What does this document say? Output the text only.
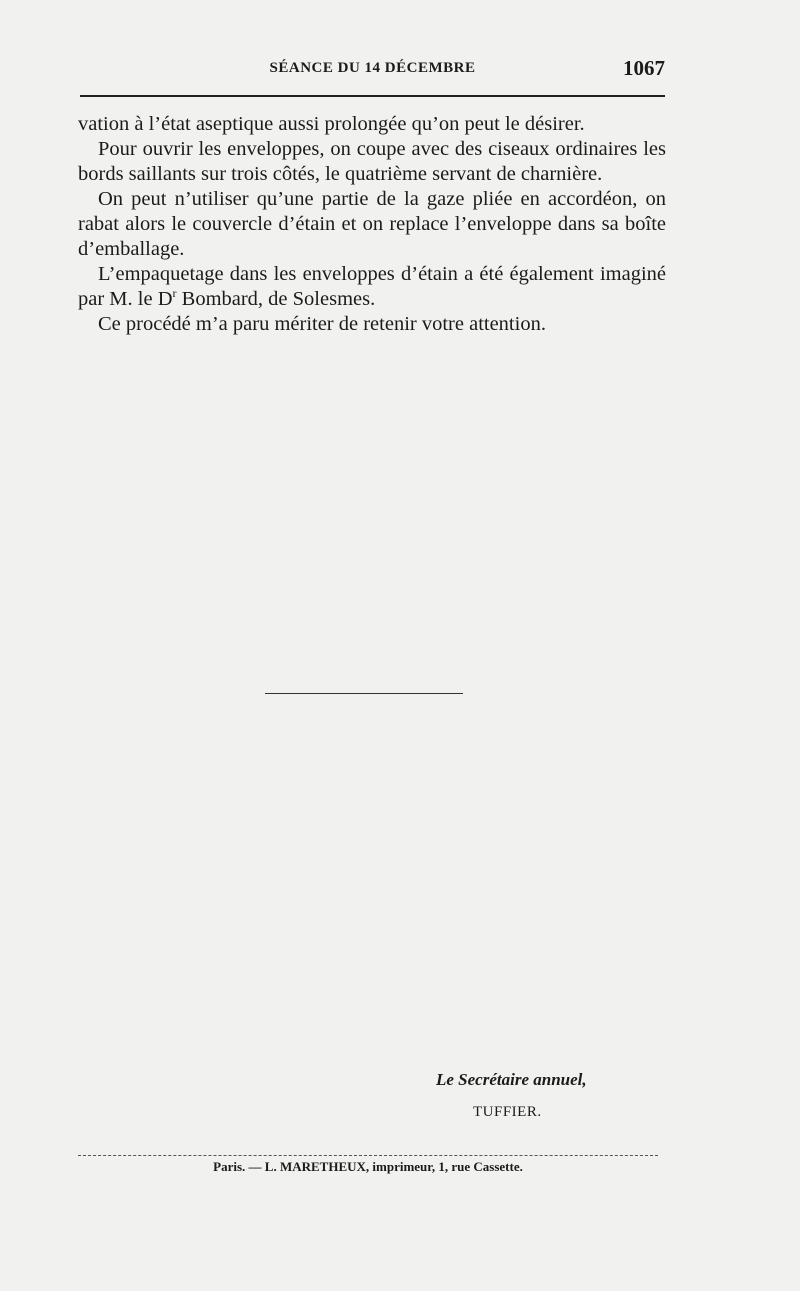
SÉANCE DU 14 DÉCEMBRE	1067

vation à l’état aseptique aussi prolongée qu’on peut le désirer.

Pour ouvrir les enveloppes, on coupe avec des ciseaux ordinaires les bords saillants sur trois côtés, le quatrième servant de charnière.

On peut n’utiliser qu’une partie de la gaze pliée en accordéon, on rabat alors le couvercle d’étain et on replace l’enveloppe dans sa boîte d’emballage.

L’empaquetage dans les enveloppes d’étain a été également imaginé par M. le $D^r$ Bombard, de Solesmes.

Ce procédé m’a paru mériter de retenir votre attention.

Le Secrétaire annuel,
TUFFIER.
Paris. — L. MARETHEUX, imprimeur, 1, rue Cassette.
